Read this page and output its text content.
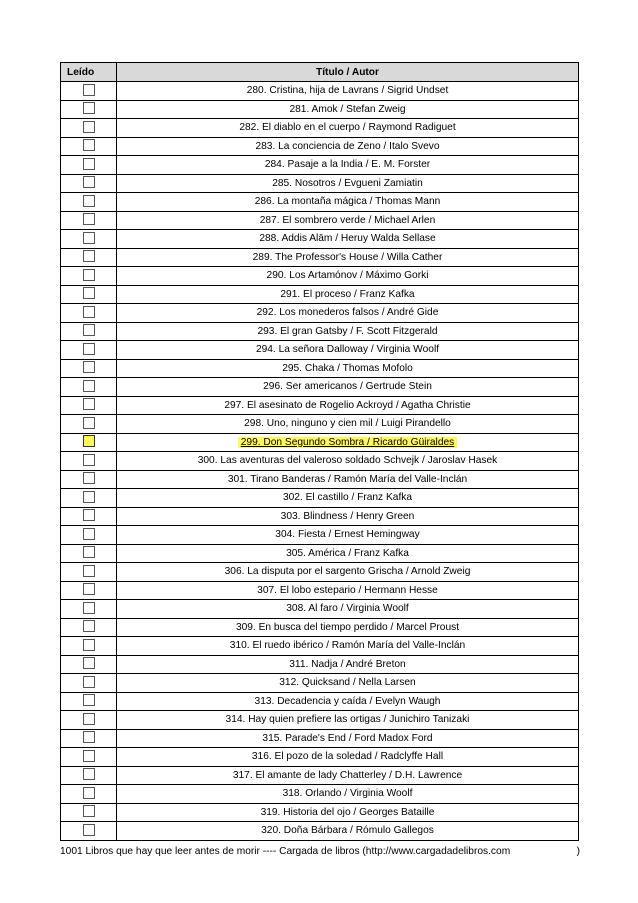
Leído	Título / Autor
	280. Cristina, hija de Lavrans / Sigrid Undset
	281. Amok / Stefan Zweig
	282. El diablo en el cuerpo / Raymond Radiguet
	283. La conciencia de Zeno / Italo Svevo
	284. Pasaje a la India / E. M. Forster
	285. Nosotros / Evgueni Zamiatin
	286. La montaña mágica / Thomas Mann
	287. El sombrero verde / Michael Arlen
	288. Addis Alām / Heruy Walda Sellase
	289. The Professor's House / Willa Cather
	290. Los Artamónov / Máximo Gorki
	291. El proceso / Franz Kafka
	292. Los monederos falsos / André Gide
	293. El gran Gatsby / F. Scott Fitzgerald
	294. La señora Dalloway / Virginia Woolf
	295. Chaka / Thomas Mofolo
	296. Ser americanos / Gertrude Stein
	297. El asesinato de Rogelio Ackroyd / Agatha Christie
	298. Uno, ninguno y cien mil / Luigi Pirandello
	299. Don Segundo Sombra / Ricardo Güiraldes
	300. Las aventuras del valeroso soldado Schvejk / Jaroslav Hasek
	301. Tirano Banderas / Ramón María del Valle-Inclán
	302. El castillo / Franz Kafka
	303. Blindness / Henry Green
	304. Fiesta / Ernest Hemingway
	305. América / Franz Kafka
	306. La disputa por el sargento Grischa / Arnold Zweig
	307. El lobo estepario / Hermann Hesse
	308. Al faro / Virginia Woolf
	309. En busca del tiempo perdido / Marcel Proust
	310. El ruedo ibérico / Ramón María del Valle-Inclán
	311. Nadja / André Breton
	312. Quicksand / Nella Larsen
	313. Decadencia y caída / Evelyn Waugh
	314. Hay quien prefiere las ortigas / Junichiro Tanizaki
	315. Parade's End / Ford Madox Ford
	316. El pozo de la soledad / Radclyffe Hall
	317. El amante de lady Chatterley / D.H. Lawrence
	318. Orlando / Virginia Woolf
	319. Historia del ojo / Georges Bataille
	320. Doña Bárbara / Rómulo Gallegos
1001 Libros que hay que leer antes de morir ---- Cargada de libros (http://www.cargadadelibros.com	)
